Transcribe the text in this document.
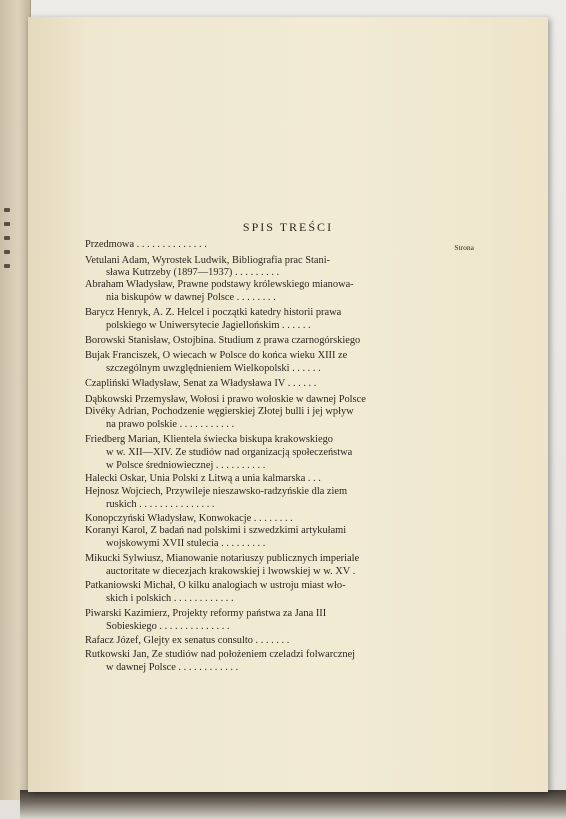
SPIS TREŚCI
Strona
Przedmowa . . . . . . . . . . . . . .
Vetulani Adam, Wyrostek Ludwik, Bibliografia prac Stani-
sława Kutrzeby (1897—1937) . . . . . . . . .
Abraham Władysław, Prawne podstawy królewskiego mianowa-
nia biskupów w dawnej Polsce . . . . . . . .
Barycz Henryk, A. Z. Helcel i początki katedry historii prawa
polskiego w Uniwersytecie Jagiellońskim . . . . . .
Borowski Stanisław, Ostojbina. Studium z prawa czarnogórskiego
Bujak Franciszek, O wiecach w Polsce do końca wieku XIII ze
szczególnym uwzględnieniem Wielkopolski . . . . . .
Czapliński Władysław, Senat za Władysława IV . . . . . .
Dąbkowski Przemysław, Wołosi i prawo wołoskie w dawnej Polsce
Divéky Adrian, Pochodzenie węgierskiej Złotej bulli i jej wpływ
na prawo polskie . . . . . . . . . . .
Friedberg Marian, Klientela świecka biskupa krakowskiego
w w. XII—XIV. Ze studiów nad organizacją społeczeństwa
w Polsce średniowiecznej . . . . . . . . . .
Halecki Oskar, Unia Polski z Litwą a unia kalmarska . . .
Hejnosz Wojciech, Przywileje nieszawsko-radzyńskie dla ziem
ruskich . . . . . . . . . . . . . . .
Konopczyński Władysław, Konwokacje . . . . . . . .
Koranyi Karol, Z badań nad polskimi i szwedzkimi artykułami
wojskowymi XVII stulecia . . . . . . . . .
Mikucki Sylwiusz, Mianowanie notariuszy publicznych imperiale
auctoritate w diecezjach krakowskiej i lwowskiej w w. XV .
Patkaniowski Michał, O kilku analogiach w ustroju miast wło-
skich i polskich . . . . . . . . . . . .
Piwarski Kazimierz, Projekty reformy państwa za Jana III
Sobieskiego . . . . . . . . . . . . . .
Rafacz Józef, Glejty ex senatus consulto . . . . . . .
Rutkowski Jan, Ze studiów nad położeniem czeladzi folwarcznej
w dawnej Polsce . . . . . . . . . . . .
